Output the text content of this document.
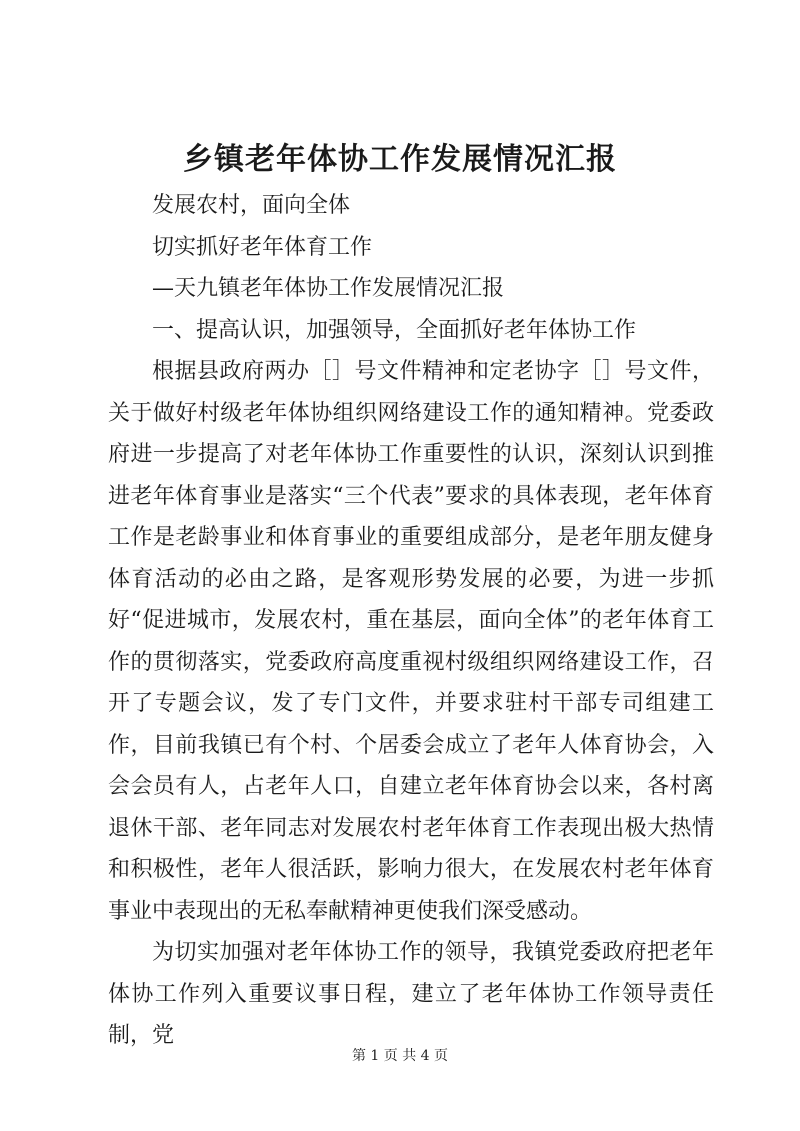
乡镇老年体协工作发展情况汇报

发展农村，面向全体

切实抓好老年体育工作

—天九镇老年体协工作发展情况汇报

一、提高认识，加强领导，全面抓好老年体协工作

根据县政府两办［］号文件精神和定老协字［］号文件，关于做好村级老年体协组织网络建设工作的通知精神。党委政府进一步提高了对老年体协工作重要性的认识，深刻认识到推进老年体育事业是落实“三个代表”要求的具体表现，老年体育工作是老龄事业和体育事业的重要组成部分，是老年朋友健身体育活动的必由之路，是客观形势发展的必要，为进一步抓好“促进城市，发展农村，重在基层，面向全体”的老年体育工作的贯彻落实，党委政府高度重视村级组织网络建设工作，召开了专题会议，发了专门文件，并要求驻村干部专司组建工作，目前我镇已有个村、个居委会成立了老年人体育协会，入会会员有人，占老年人口，自建立老年体育协会以来，各村离退休干部、老年同志对发展农村老年体育工作表现出极大热情和积极性，老年人很活跃，影响力很大，在发展农村老年体育事业中表现出的无私奉献精神更使我们深受感动。

为切实加强对老年体协工作的领导，我镇党委政府把老年体协工作列入重要议事日程，建立了老年体协工作领导责任制，党

第 1 页 共 4 页
